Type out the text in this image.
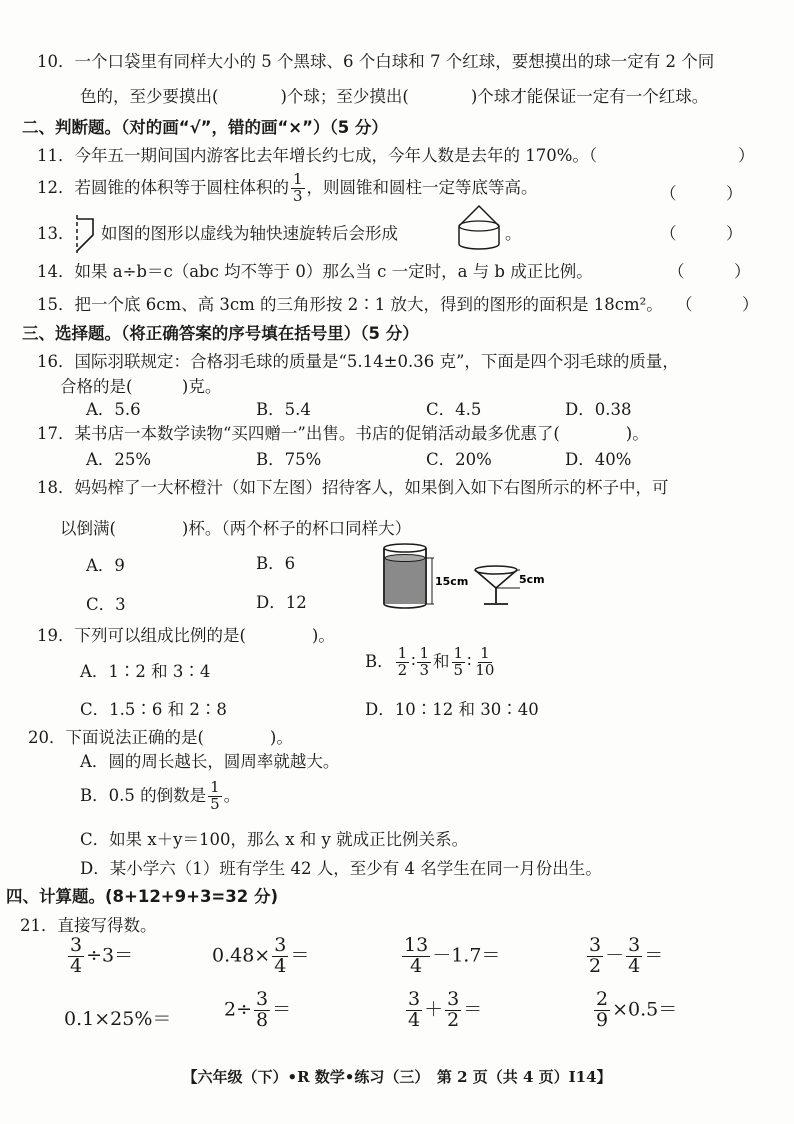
10．一个口袋里有同样大小的 5 个黑球、6 个白球和 7 个红球，要想摸出的球一定有 2 个同
色的，至少要摸出(	)个球；至少摸出(	)个球才能保证一定有一个红球。
二、判断题。（对的画“√”，错的画“×”）（5 分）
11．今年五一期间国内游客比去年增长约七成，今年人数是去年的 170%。（	）
12．若圆锥的体积等于圆柱体积的 $\frac{1}{3}$ ，则圆锥和圆柱一定等底等高。	（　　　）
13． 如图的图形以虚线为轴快速旋转后会形成	。	（　　　）
14．如果 a÷b＝c（abc 均不等于 0）那么当 c 一定时，a 与 b 成正比例。	（　　　）
15．把一个底 6cm、高 3cm 的三角形按 2∶1 放大，得到的图形的面积是 18cm²。 （　　　）
三、选择题。（将正确答案的序号填在括号里）（5 分）
16．国际羽联规定：合格羽毛球的质量是“5.14±0.36 克”，下面是四个羽毛球的质量，
合格的是(　　　)克。
A．5.6	B．5.4	C．4.5	D．0.38
17．某书店一本数学读物“买四赠一”出售。书店的促销活动最多优惠了(　　　　)。
A．25%	B．75%	C．20%	D．40%
18．妈妈榨了一大杯橙汁（如下左图）招待客人，如果倒入如下右图所示的杯子中，可
以倒满(　　　　)杯。（两个杯子的杯口同样大）
A．9	B．6
C．3	D．12
15cm	5cm
19．下列可以组成比例的是(　　　　)。
A．1∶2 和 3∶4
B． $\frac{1}{2}$ ∶ $\frac{1}{3}$ 和 $\frac{1}{5}$ ∶ $\frac{1}{10}$
C．1.5∶6 和 2∶8	D．10∶12 和 30∶40
20．下面说法正确的是(　　　　)。
A．圆的周长越长，圆周率就越大。
B．0.5 的倒数是 $\frac{1}{5}$ 。
C．如果 x＋y＝100，那么 x 和 y 就成正比例关系。
D．某小学六（1）班有学生 42 人，至少有 4 名学生在同一月份出生。
四、计算题。(8+12+9+3=32 分)
21．直接写得数。
$\frac{3}{4} \div 3=$	$0.48\times \frac{3}{4}$ ＝	$\frac{13}{4} -1.7=$	$\frac{3}{2} - \frac{3}{4}$ ＝
0.1×25%＝	$2\div \frac{3}{8}$ ＝	$\frac{3}{4} + \frac{3}{2}$ ＝	$\frac{2}{9} \times 0.5=$
【六年级（下）•R 数学•练习（三）　第 2 页（共 4 页）I14】
